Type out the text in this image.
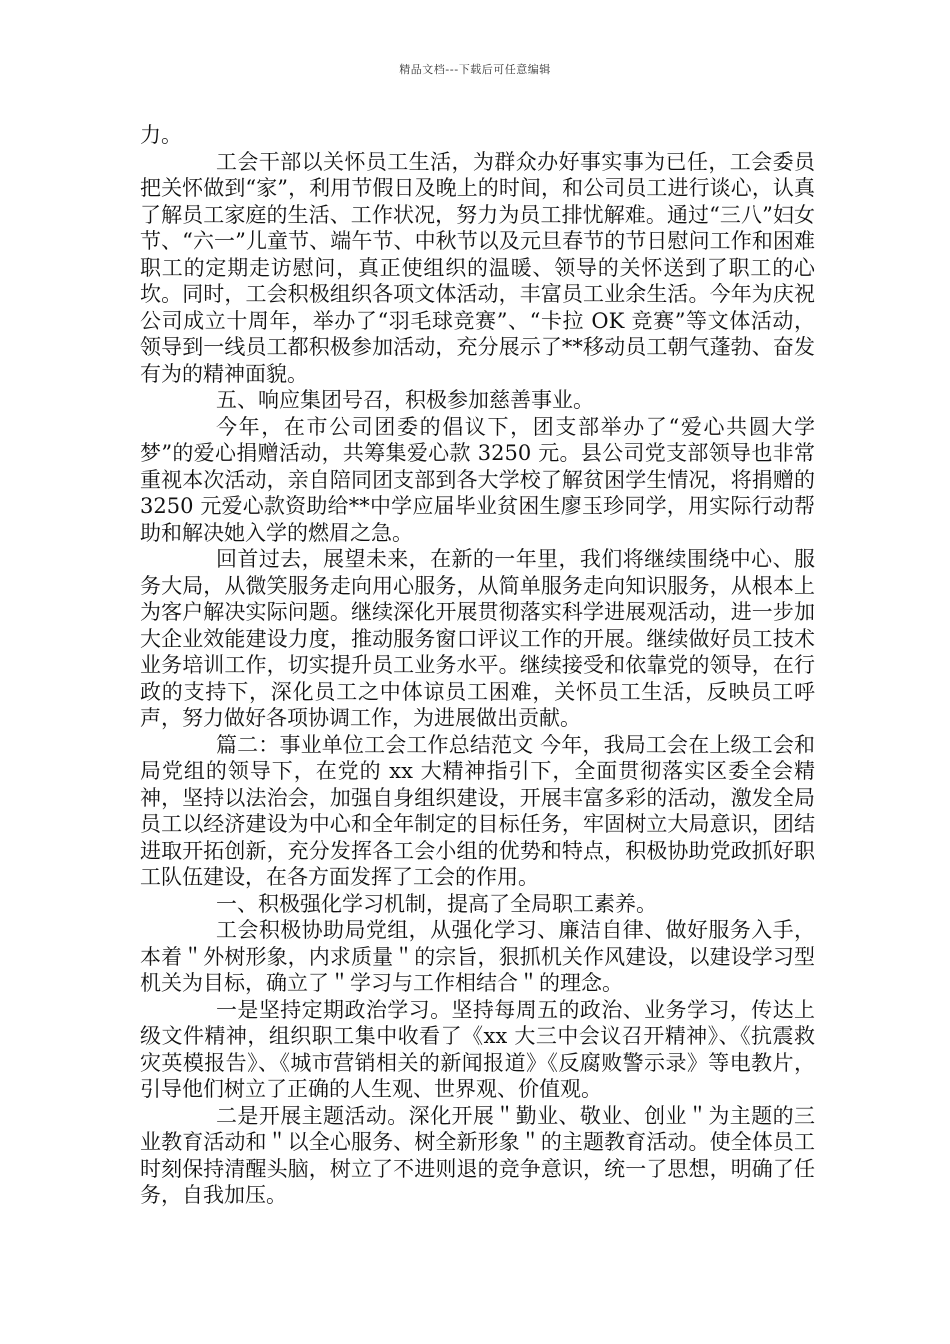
精品文档---下载后可任意编辑

力。

工会干部以关怀员工生活，为群众办好事实事为已任，工会委员把关怀做到“家”，利用节假日及晚上的时间，和公司员工进行谈心，认真了解员工家庭的生活、工作状况，努力为员工排忧解难。通过“三八”妇女节、“六一”儿童节、端午节、中秋节以及元旦春节的节日慰问工作和困难职工的定期走访慰问，真正使组织的温暖、领导的关怀送到了职工的心坎。同时，工会积极组织各项文体活动，丰富员工业余生活。今年为庆祝公司成立十周年，举办了“羽毛球竞赛”、“卡拉 OK 竞赛”等文体活动，领导到一线员工都积极参加活动，充分展示了**移动员工朝气蓬勃、奋发有为的精神面貌。

五、响应集团号召，积极参加慈善事业。

今年，在市公司团委的倡议下，团支部举办了“爱心共圆大学梦”的爱心捐赠活动，共筹集爱心款 3250 元。县公司党支部领导也非常重视本次活动，亲自陪同团支部到各大学校了解贫困学生情况，将捐赠的 3250 元爱心款资助给**中学应届毕业贫困生廖玉珍同学，用实际行动帮助和解决她入学的燃眉之急。

回首过去，展望未来，在新的一年里，我们将继续围绕中心、服务大局，从微笑服务走向用心服务，从简单服务走向知识服务，从根本上为客户解决实际问题。继续深化开展贯彻落实科学进展观活动，进一步加大企业效能建设力度，推动服务窗口评议工作的开展。继续做好员工技术业务培训工作，切实提升员工业务水平。继续接受和依靠党的领导，在行政的支持下，深化员工之中体谅员工困难，关怀员工生活，反映员工呼声，努力做好各项协调工作，为进展做出贡献。

篇二：事业单位工会工作总结范文 今年，我局工会在上级工会和局党组的领导下，在党的 xx 大精神指引下，全面贯彻落实区委全会精神，坚持以法治会，加强自身组织建设，开展丰富多彩的活动，激发全局员工以经济建设为中心和全年制定的目标任务，牢固树立大局意识，团结进取开拓创新，充分发挥各工会小组的优势和特点，积极协助党政抓好职工队伍建设，在各方面发挥了工会的作用。

一、积极强化学习机制，提高了全局职工素养。

工会积极协助局党组，从强化学习、廉洁自律、做好服务入手，本着＂外树形象，内求质量＂的宗旨，狠抓机关作风建设，以建设学习型机关为目标，确立了＂学习与工作相结合＂的理念。

一是坚持定期政治学习。坚持每周五的政治、业务学习，传达上级文件精神，组织职工集中收看了《xx 大三中会议召开精神》、《抗震救灾英模报告》、《城市营销相关的新闻报道》《反腐败警示录》等电教片，引导他们树立了正确的人生观、世界观、价值观。

二是开展主题活动。深化开展＂勤业、敬业、创业＂为主题的三业教育活动和＂以全心服务、树全新形象＂的主题教育活动。使全体员工时刻保持清醒头脑，树立了不进则退的竞争意识，统一了思想，明确了任务，自我加压。
